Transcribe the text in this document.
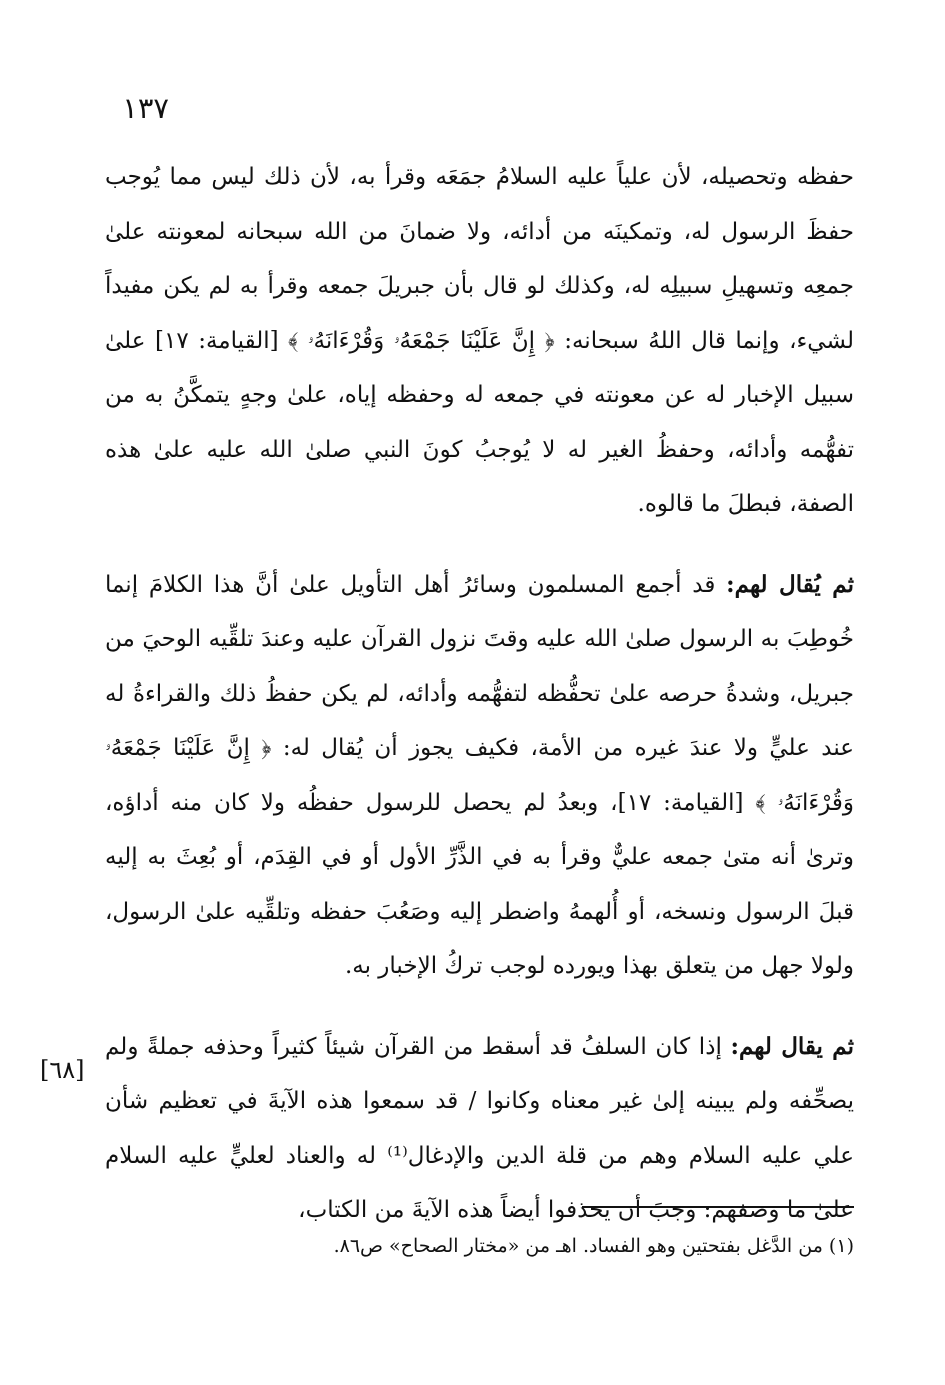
١٣٧

حفظه وتحصيله، لأن علياً عليه السلامُ جمَعَه وقرأ به، لأن ذلك ليس مما يُوجب حفظَ الرسول له، وتمكينَه من أدائه، ولا ضمانَ من الله سبحانه لمعونته علىٰ جمعِه وتسهيلِ سبيلِه له، وكذلك لو قال بأن جبريلَ جمعه وقرأ به لم يكن مفيداً لشيء، وإنما قال اللهُ سبحانه: ﴿ إِنَّ عَلَيْنَا جَمْعَهُۥ وَقُرْءَانَهُۥ ﴾ [القيامة: ١٧] علىٰ سبيل الإخبار له عن معونته في جمعه له وحفظه إياه، علىٰ وجهٍ يتمكَّنُ به من تفهُّمه وأدائه، وحفظُ الغير له لا يُوجبُ كونَ النبي صلىٰ الله عليه علىٰ هذه الصفة، فبطلَ ما قالوه.

ثم يُقال لهم: قد أجمع المسلمون وسائرُ أهل التأويل علىٰ أنَّ هذا الكلامَ إنما خُوطِبَ به الرسول صلىٰ الله عليه وقتَ نزول القرآن عليه وعندَ تلقِّيه الوحيَ من جبريل، وشدةُ حرصه علىٰ تحفُّظه لتفهُّمه وأدائه، لم يكن حفظُ ذلك والقراءةُ له عند عليٍّ ولا عندَ غيره من الأمة، فكيف يجوز أن يُقال له: ﴿ إِنَّ عَلَيْنَا جَمْعَهُۥ وَقُرْءَانَهُۥ ﴾ [القيامة: ١٧]، وبعدُ لم يحصل للرسول حفظُه ولا كان منه أداؤه، وترىٰ أنه متىٰ جمعه عليٌّ وقرأ به في الذَّرِّ الأول أو في القِدَم، أو بُعِثَ به إليه قبلَ الرسول ونسخه، أو أُلهمهُ واضطر إليه وصَعُبَ حفظه وتلقِّيه علىٰ الرسول، ولولا جهل من يتعلق بهذا ويورده لوجب تركُ الإخبار به.

ثم يقال لهم: إذا كان السلفُ قد أسقط من القرآن شيئاً كثيراً وحذفه جملةً ولم يصحِّفه ولم يبينه إلىٰ غير معناه وكانوا / قد سمعوا هذه الآيةَ في تعظيم شأن علي عليه السلام وهم من قلة الدين والإدغال⁽¹⁾ له والعناد لعليٍّ عليه السلام علىٰ ما وصفهم: وجبَ أن يحذفوا أيضاً هذه الآيةَ من الكتاب،

[٦٨]
(١) من الدَّغل بفتحتين وهو الفساد. اهـ من «مختار الصحاح» ص٨٦.
